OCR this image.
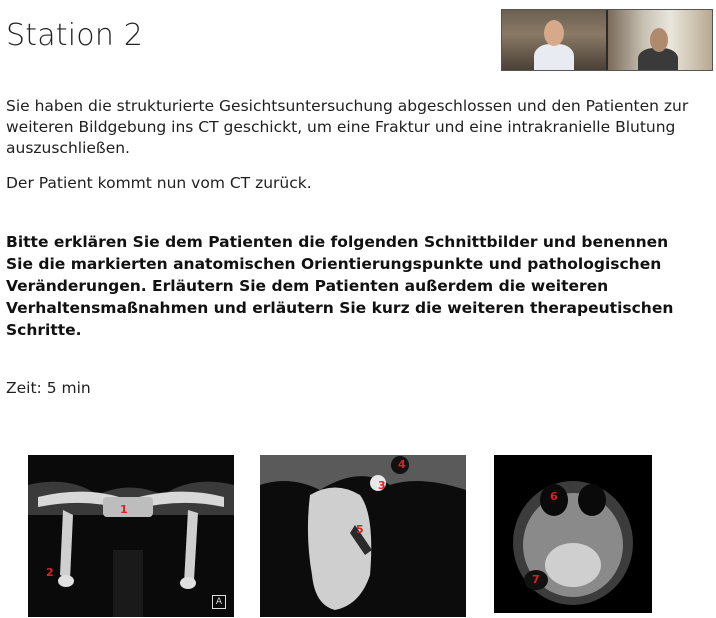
Station 2
Sie haben die strukturierte Gesichtsuntersuchung abgeschlossen und den Patienten zur weiteren Bildgebung ins CT geschickt, um eine Fraktur und eine intrakranielle Blutung auszuschließen.
Der Patient kommt nun vom CT zurück.
Bitte erklären Sie dem Patienten die folgenden Schnittbilder und benennen Sie die markierten anatomischen Orientierungspunkte und pathologischen Veränderungen. Erläutern Sie dem Patienten außerdem die weiteren Verhaltensmaßnahmen und erläutern Sie kurz die weiteren therapeutischen Schritte.
Zeit: 5 min
1
2
A
3
4
5
6
7
